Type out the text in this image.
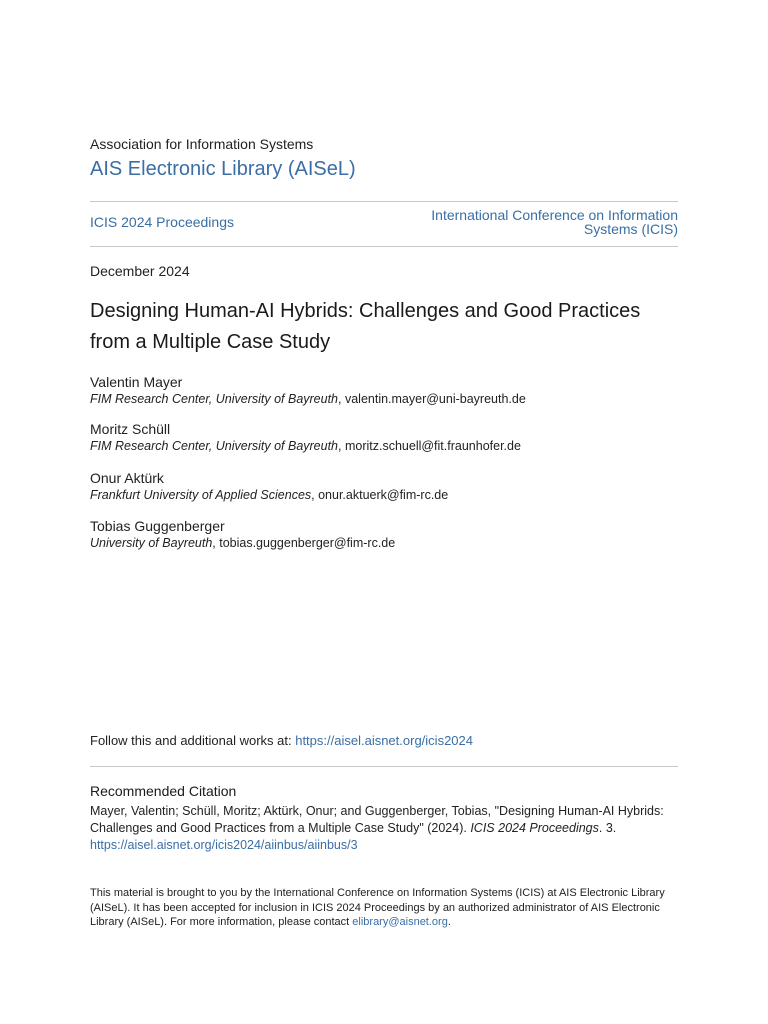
Association for Information Systems
AIS Electronic Library (AISeL)
ICIS 2024 Proceedings	International Conference on Information
Systems (ICIS)
December 2024
Designing Human-AI Hybrids: Challenges and Good Practices
from a Multiple Case Study
Valentin Mayer
FIM Research Center, University of Bayreuth, valentin.mayer@uni-bayreuth.de
Moritz Schüll
FIM Research Center, University of Bayreuth, moritz.schuell@fit.fraunhofer.de
Onur Aktürk
Frankfurt University of Applied Sciences, onur.aktuerk@fim-rc.de
Tobias Guggenberger
University of Bayreuth, tobias.guggenberger@fim-rc.de
Follow this and additional works at: https://aisel.aisnet.org/icis2024
Recommended Citation
Mayer, Valentin; Schüll, Moritz; Aktürk, Onur; and Guggenberger, Tobias, "Designing Human-AI Hybrids:
Challenges and Good Practices from a Multiple Case Study" (2024). ICIS 2024 Proceedings. 3.
https://aisel.aisnet.org/icis2024/aiinbus/aiinbus/3
This material is brought to you by the International Conference on Information Systems (ICIS) at AIS Electronic Library (AISeL). It has been accepted for inclusion in ICIS 2024 Proceedings by an authorized administrator of AIS Electronic Library (AISeL). For more information, please contact elibrary@aisnet.org.
